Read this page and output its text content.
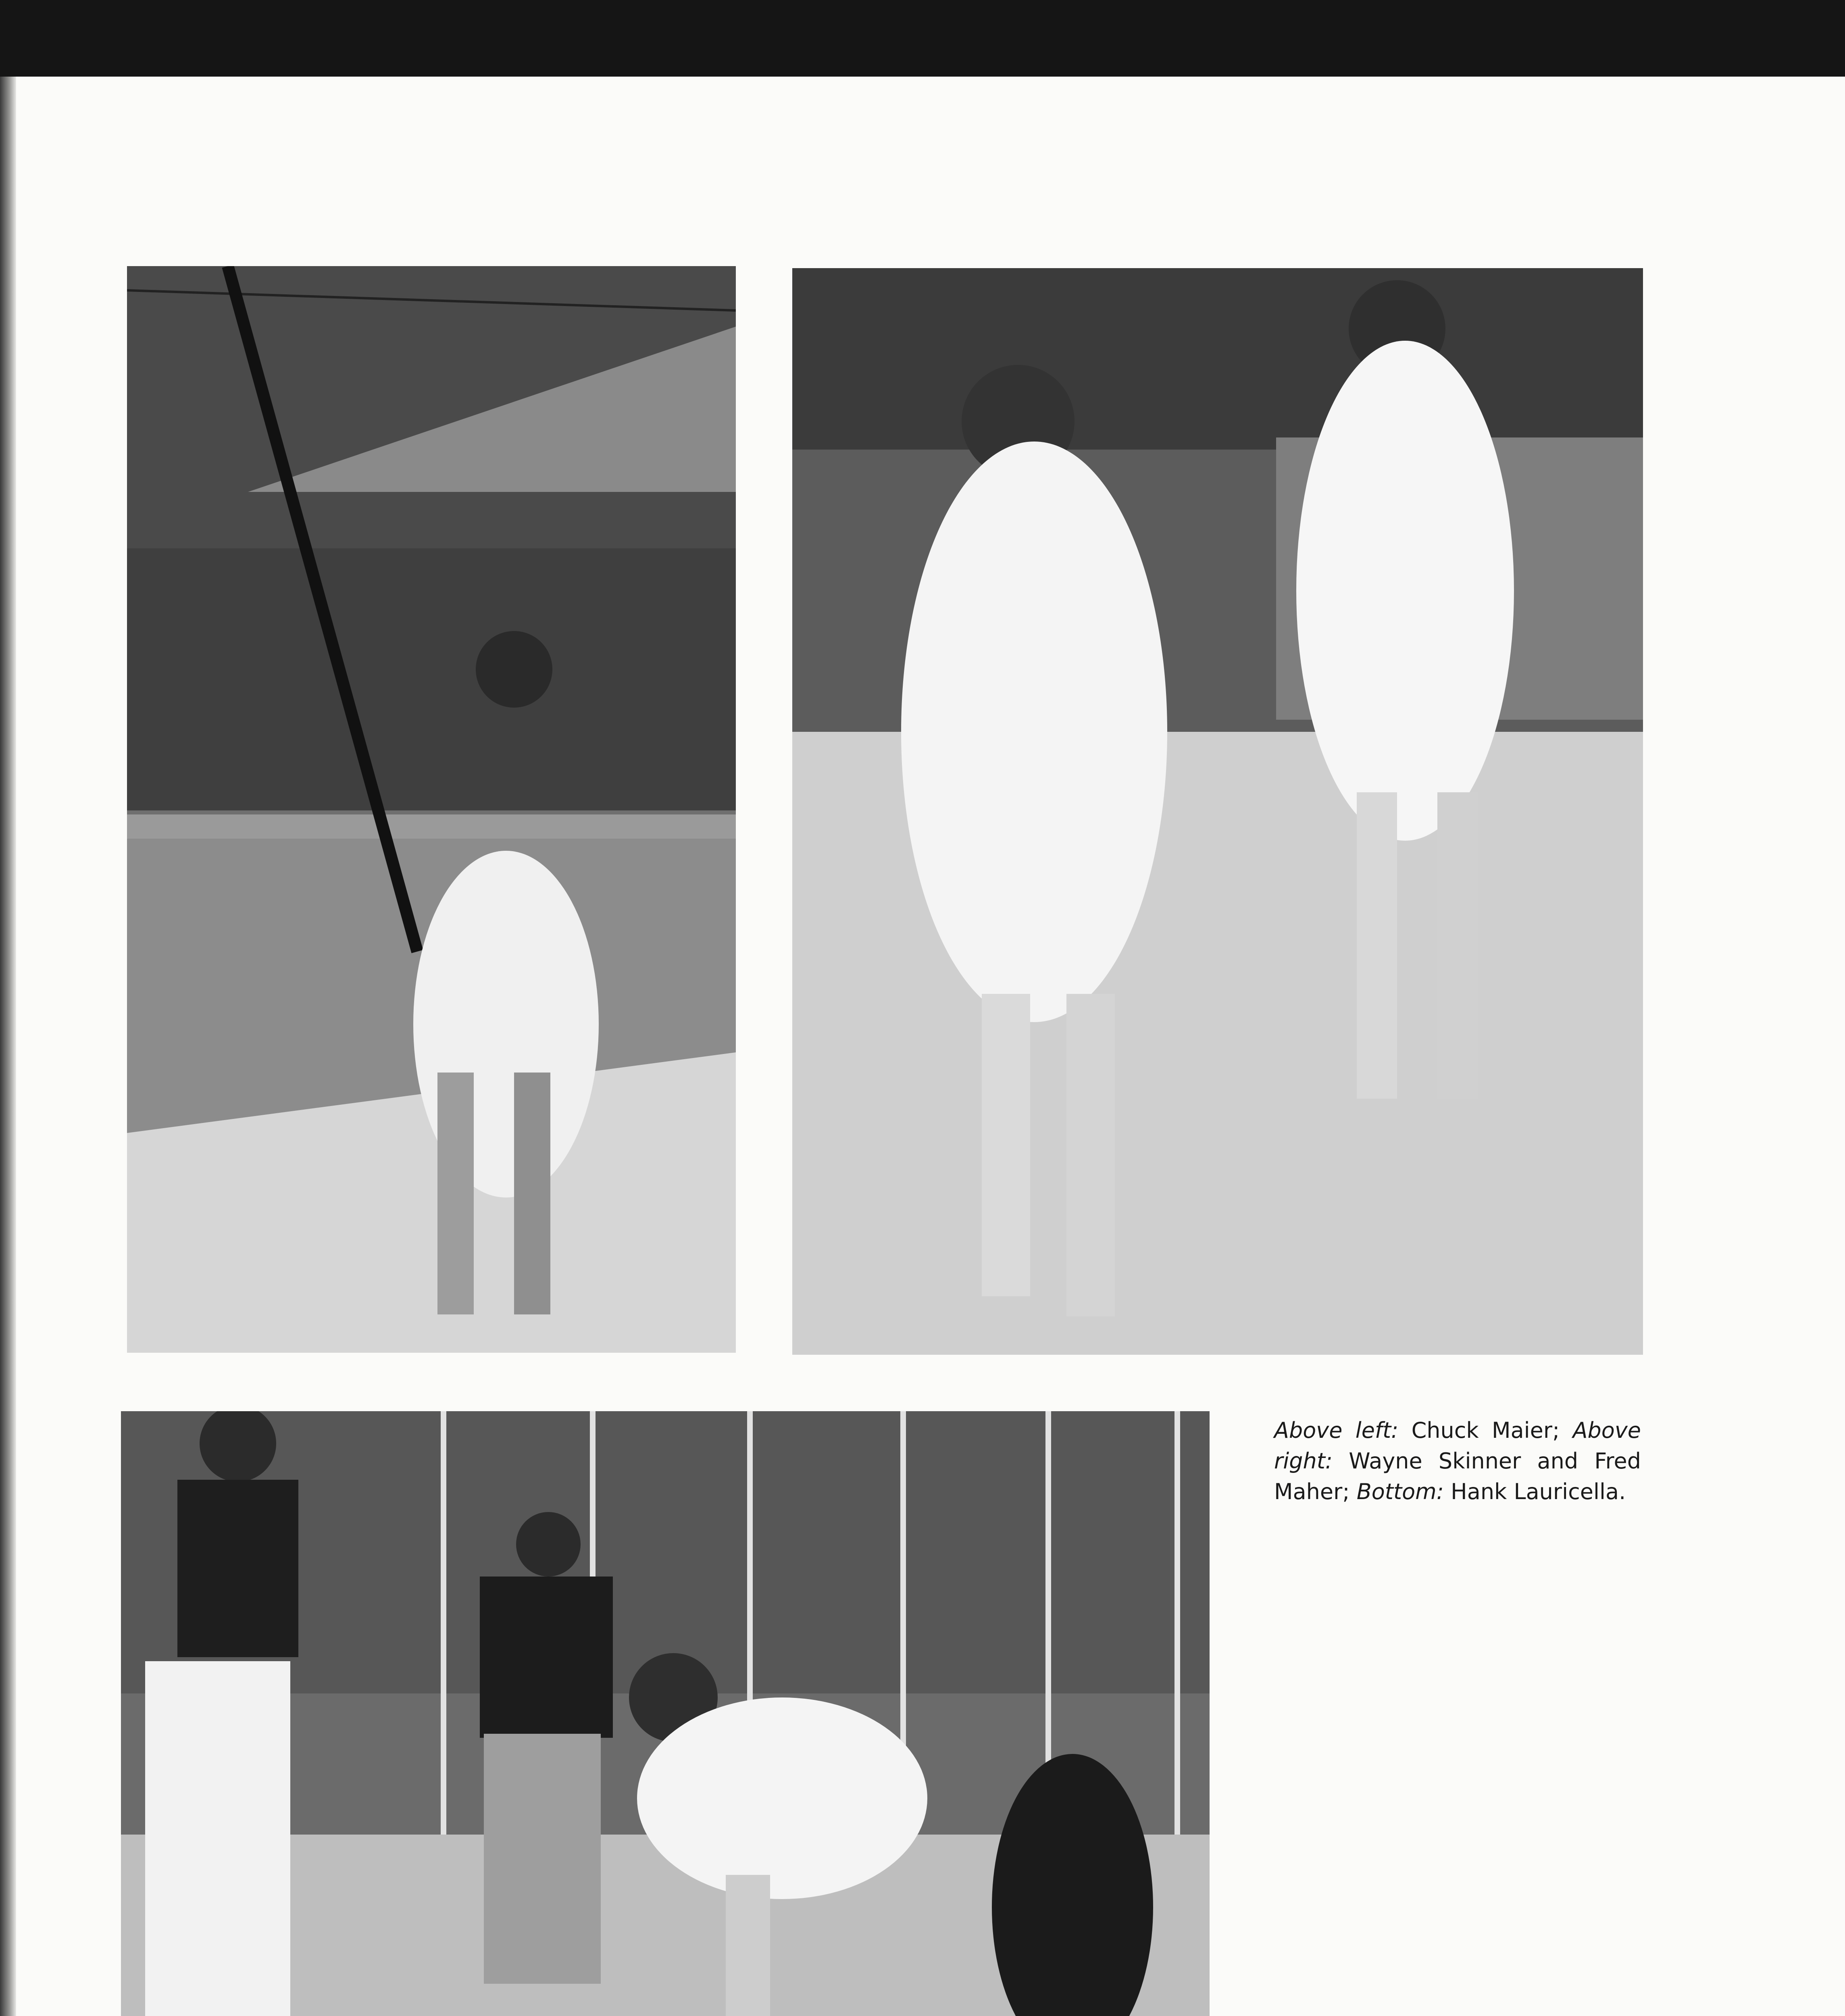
Above left: Chuck Maier; Above right: Wayne Skinner and Fred Maher; Bottom: Hank Lauricella.
